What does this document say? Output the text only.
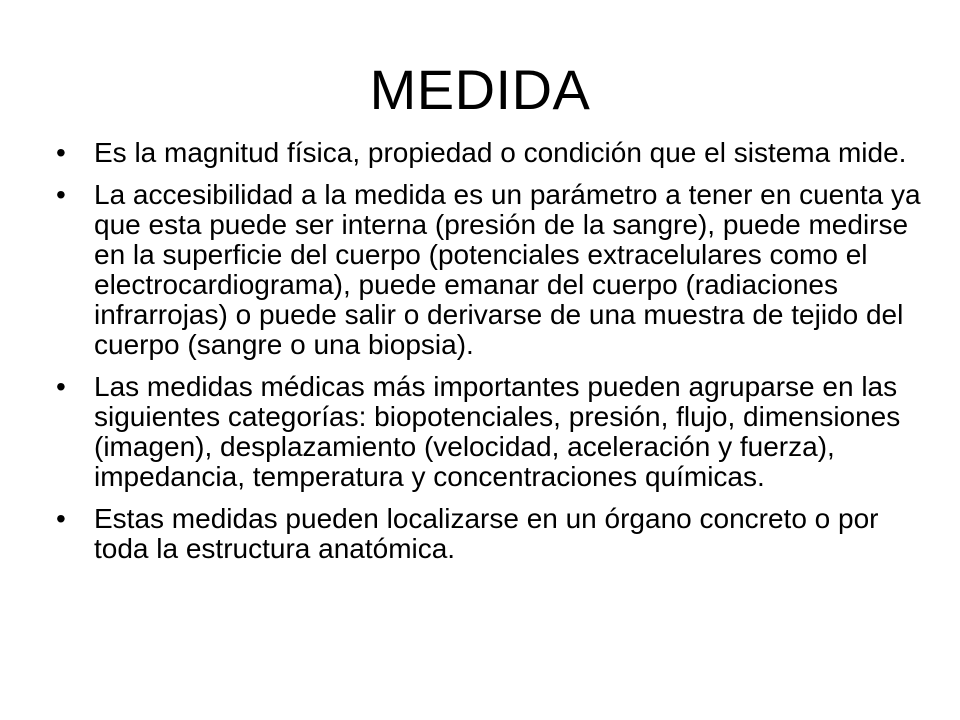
MEDIDA
•	Es la magnitud física, propiedad o condición que el sistema mide.
•	La accesibilidad a la medida es un parámetro a tener en cuenta ya que esta puede ser interna (presión de la sangre), puede medirse en la superficie del cuerpo (potenciales extracelulares como el electrocardiograma), puede emanar del cuerpo (radiaciones infrarrojas) o puede salir o derivarse de una muestra de tejido del cuerpo (sangre o una biopsia).
•	Las medidas médicas más importantes pueden agruparse en las siguientes categorías: biopotenciales, presión, flujo, dimensiones (imagen), desplazamiento (velocidad, aceleración y fuerza), impedancia, temperatura y concentraciones químicas.
•	Estas medidas pueden localizarse en un órgano concreto o por toda la estructura anatómica.
